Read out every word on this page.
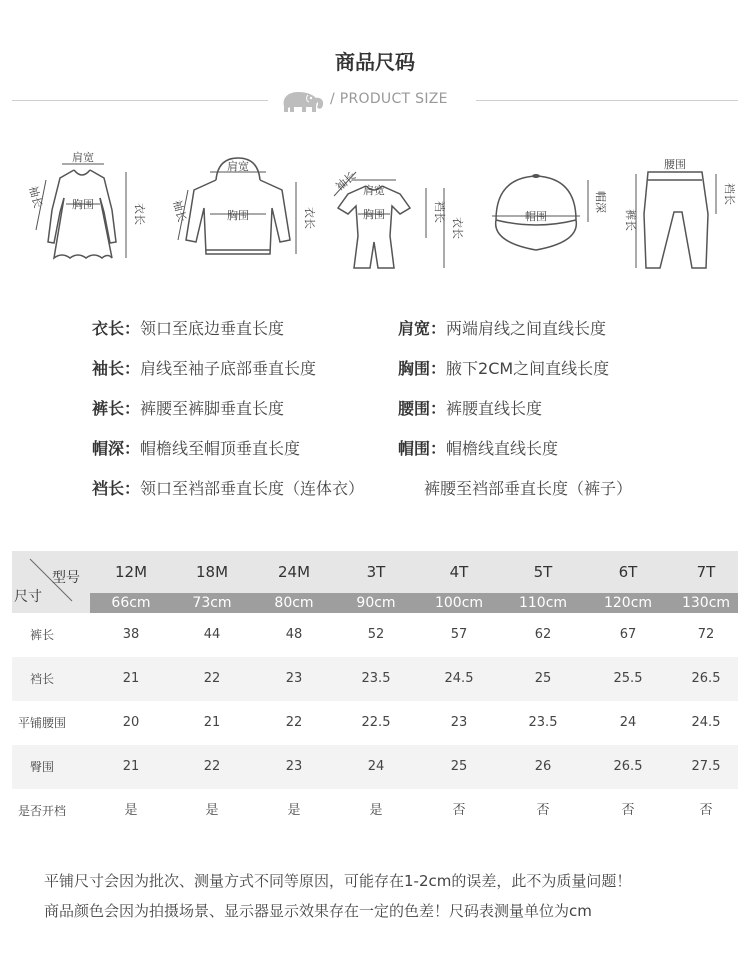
商品尺码
/ PRODUCT SIZE
肩宽
胸围
袖长
衣长
肩宽
胸围
袖长	衣长
袖长 肩宽
胸围	裆长
衣长
帽围
帽深
腰围
裤长
裆长
衣长：领口至底边垂直长度	肩宽：两端肩线之间直线长度
袖长：肩线至袖子底部垂直长度	胸围：腋下2CM之间直线长度
裤长：裤腰至裤脚垂直长度	腰围：裤腰直线长度
帽深：帽檐线至帽顶垂直长度	帽围：帽檐线直线长度
裆长：领口至裆部垂直长度（连体衣）	裤腰至裆部垂直长度（裤子）
型号
尺寸
12M	18M	24M	3T	4T	5T	6T	7T
66cm	73cm	80cm	90cm	100cm	110cm	120cm	130cm
裤长	38	44	48	52	57	62	67	72
裆长	21	22	23	23.5	24.5	25	25.5	26.5
平铺腰围	20	21	22	22.5	23	23.5	24	24.5
臀围	21	22	23	24	25	26	26.5	27.5
是否开档	是	是	是	是	否	否	否	否
平铺尺寸会因为批次、测量方式不同等原因，可能存在1-2cm的误差，此不为质量问题！
商品颜色会因为拍摄场景、显示器显示效果存在一定的色差！尺码表测量单位为cm
